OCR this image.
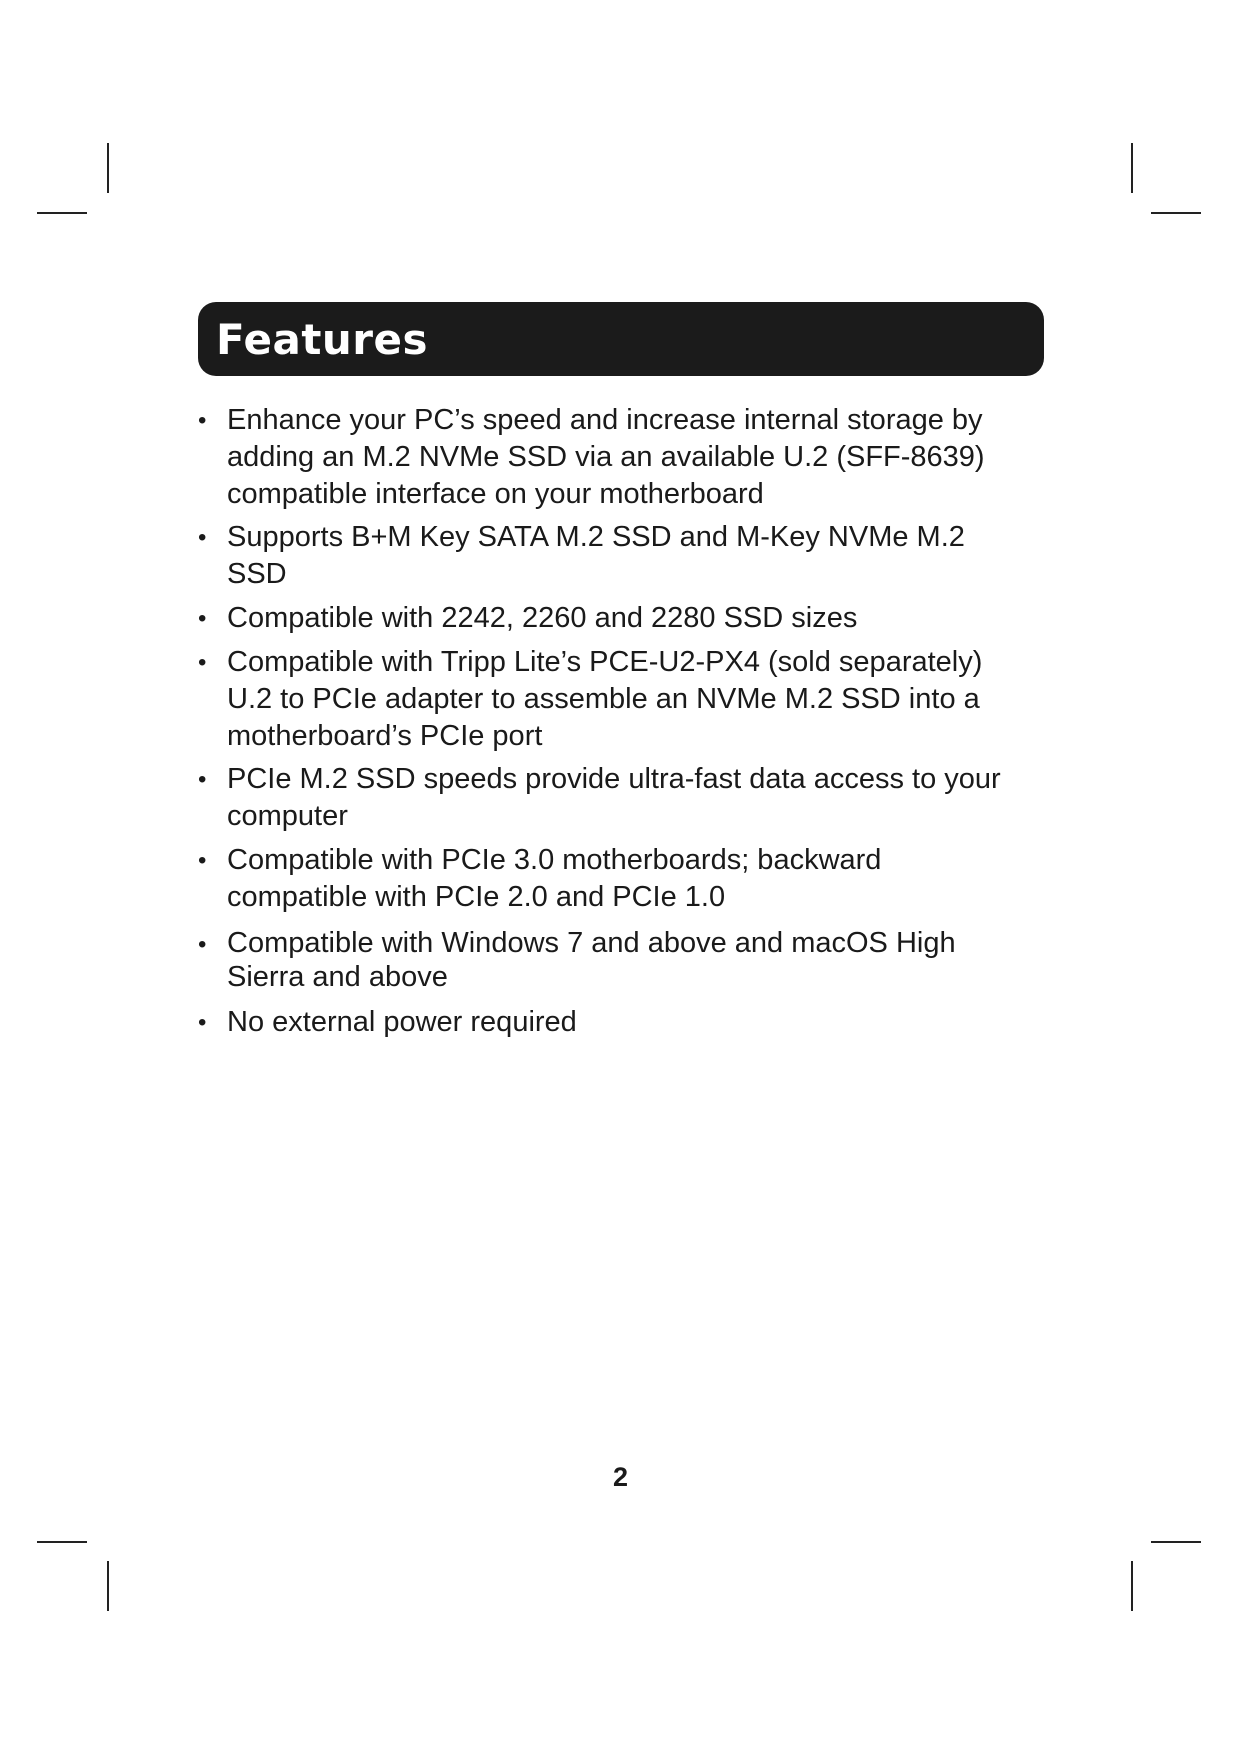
Features
• Enhance your PC’s speed and increase internal storage by adding an M.2 NVMe SSD via an available U.2 (SFF-8639) compatible interface on your motherboard
• Supports B+M Key SATA M.2 SSD and M-Key NVMe M.2 SSD
• Compatible with 2242, 2260 and 2280 SSD sizes
• Compatible with Tripp Lite’s PCE-U2-PX4 (sold separately) U.2 to PCIe adapter to assemble an NVMe M.2 SSD into a motherboard’s PCIe port
• PCIe M.2 SSD speeds provide ultra-fast data access to your computer
• Compatible with PCIe 3.0 motherboards; backward compatible with PCIe 2.0 and PCIe 1.0
• Compatible with Windows 7 and above and macOS High Sierra and above
• No external power required
2
